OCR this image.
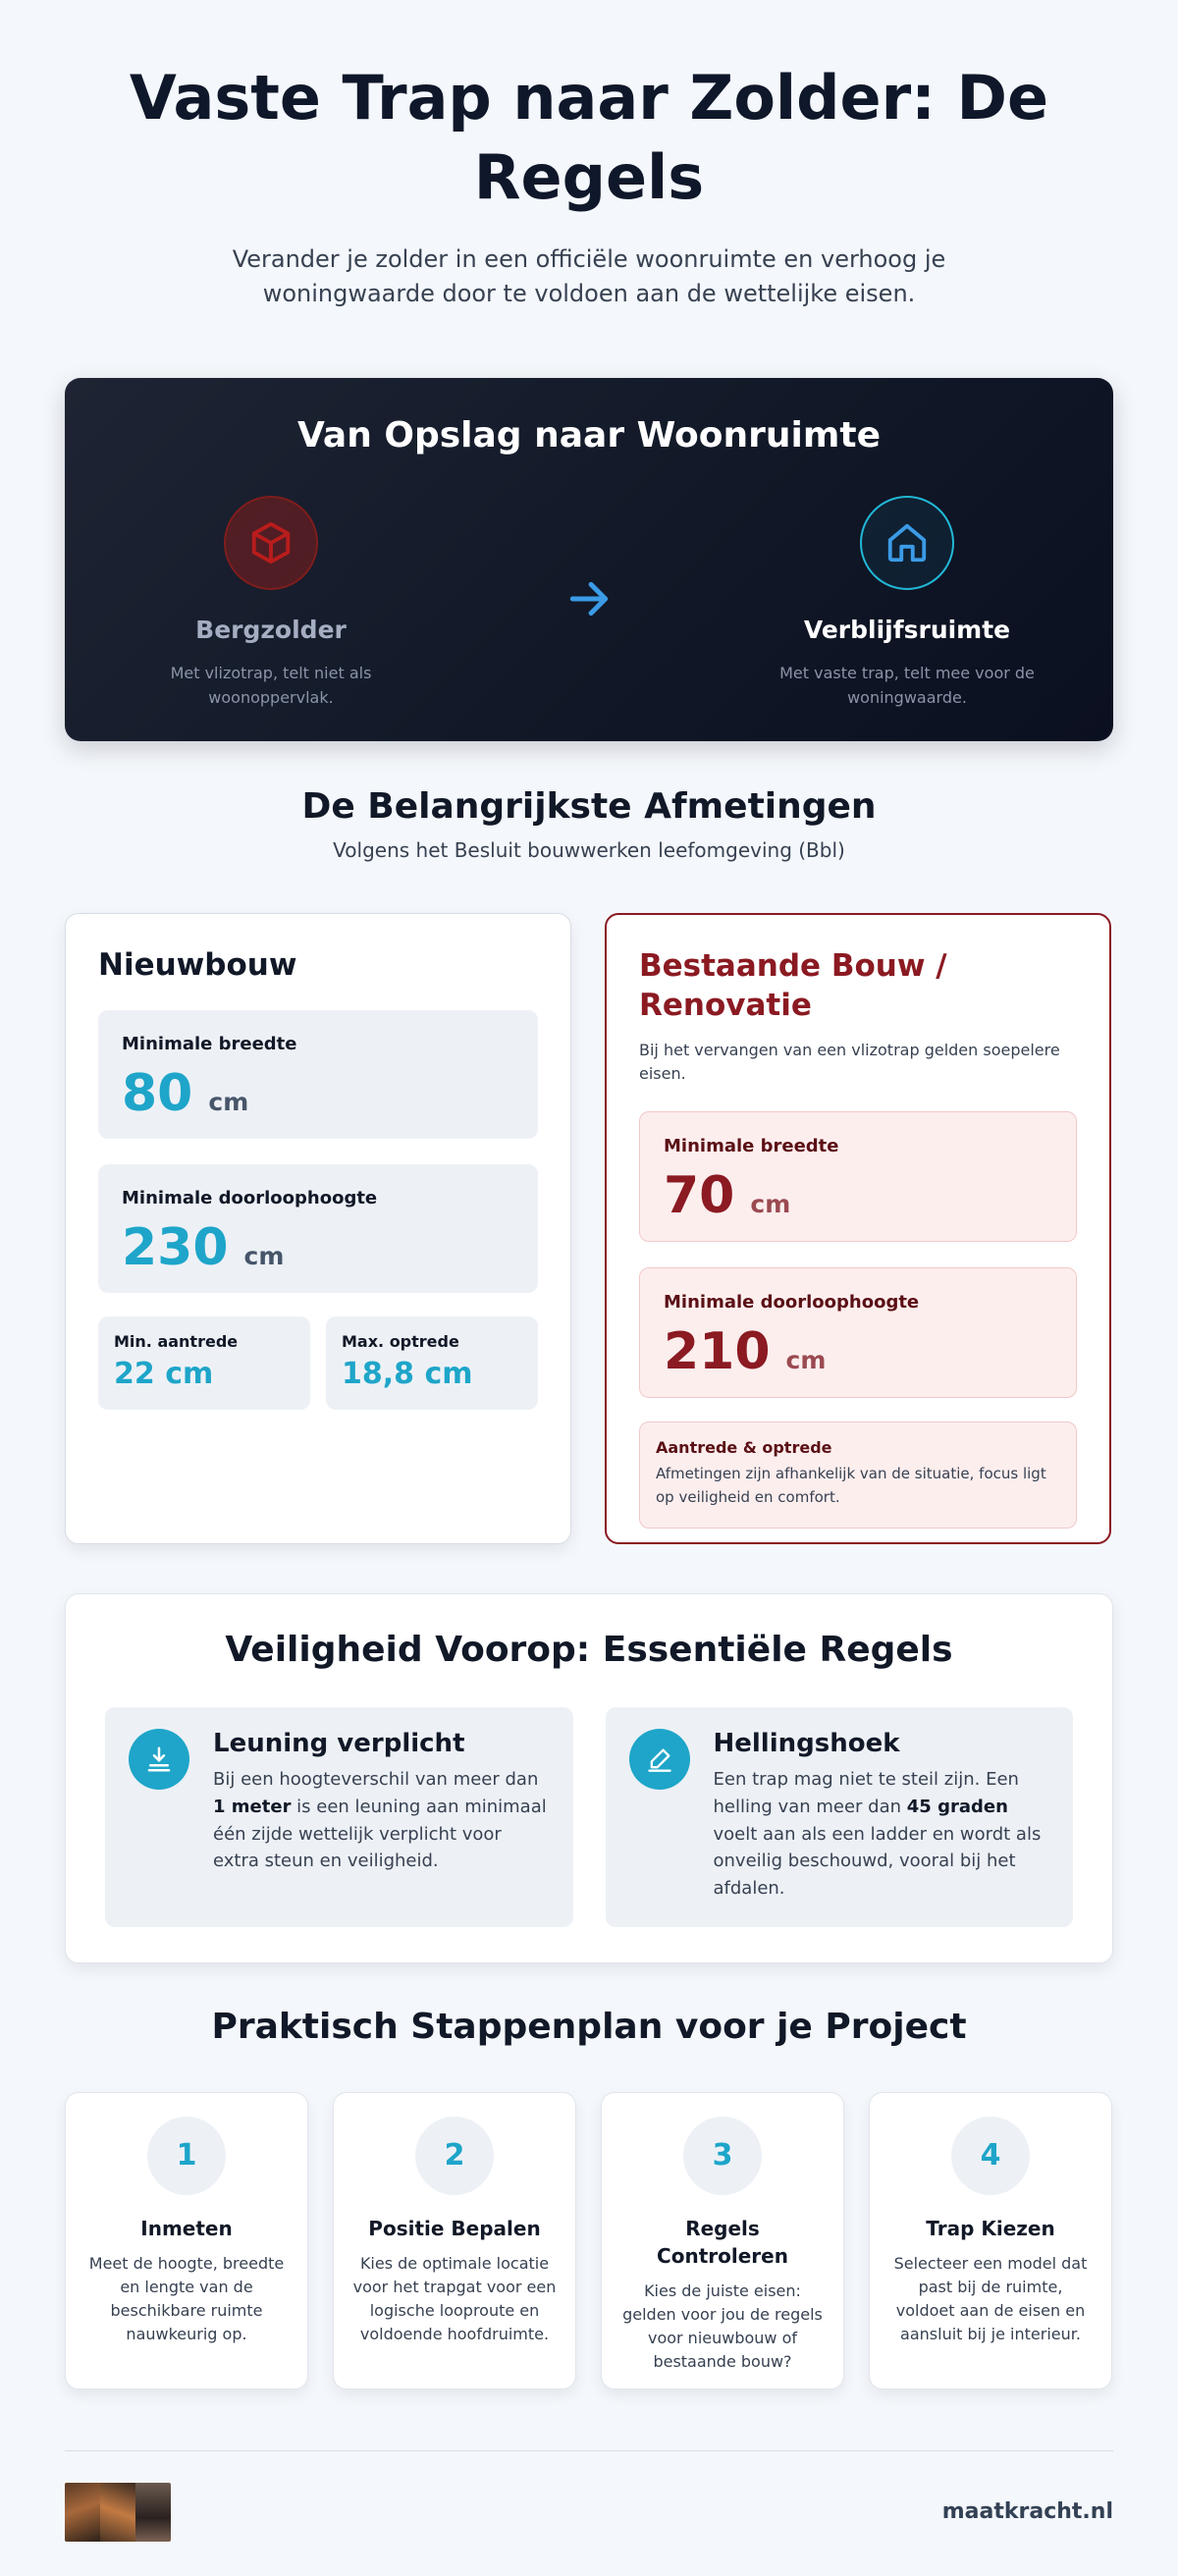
Vaste Trap naar Zolder: De Regels

Verander je zolder in een officiële woonruimte en verhoog je woningwaarde door te voldoen aan de wettelijke eisen.

Van Opslag naar Woonruimte
Bergzolder
Met vlizotrap, telt niet als woonoppervlak.
Verblijfsruimte
Met vaste trap, telt mee voor de woningwaarde.
De Belangrijkste Afmetingen

Volgens het Besluit bouwwerken leefomgeving (Bbl)

Nieuwbouw
Minimale breedte
80 cm
Minimale doorloophoogte
230 cm
Min. aantrede
22 cm
Max. optrede
18,8 cm
Bestaande Bouw / Renovatie

Bij het vervangen van een vlizotrap gelden soepelere eisen.

Minimale breedte
70 cm
Minimale doorloophoogte
210 cm
Aantrede & optrede
Afmetingen zijn afhankelijk van de situatie, focus ligt op veiligheid en comfort.
Veiligheid Voorop: Essentiële Regels
Leuning verplicht

Bij een hoogteverschil van meer dan 1 meter is een leuning aan minimaal één zijde wettelijk verplicht voor extra steun en veiligheid.

Hellingshoek

Een trap mag niet te steil zijn. Een helling van meer dan 45 graden voelt aan als een ladder en wordt als onveilig beschouwd, vooral bij het afdalen.

Praktisch Stappenplan voor je Project
1
Inmeten

Meet de hoogte, breedte en lengte van de beschikbare ruimte nauwkeurig op.

2
Positie Bepalen

Kies de optimale locatie voor het trapgat voor een logische looproute en voldoende hoofdruimte.

3
Regels Controleren

Kies de juiste eisen: gelden voor jou de regels voor nieuwbouw of bestaande bouw?

4
Trap Kiezen

Selecteer een model dat past bij de ruimte, voldoet aan de eisen en aansluit bij je interieur.

maatkracht.nl
